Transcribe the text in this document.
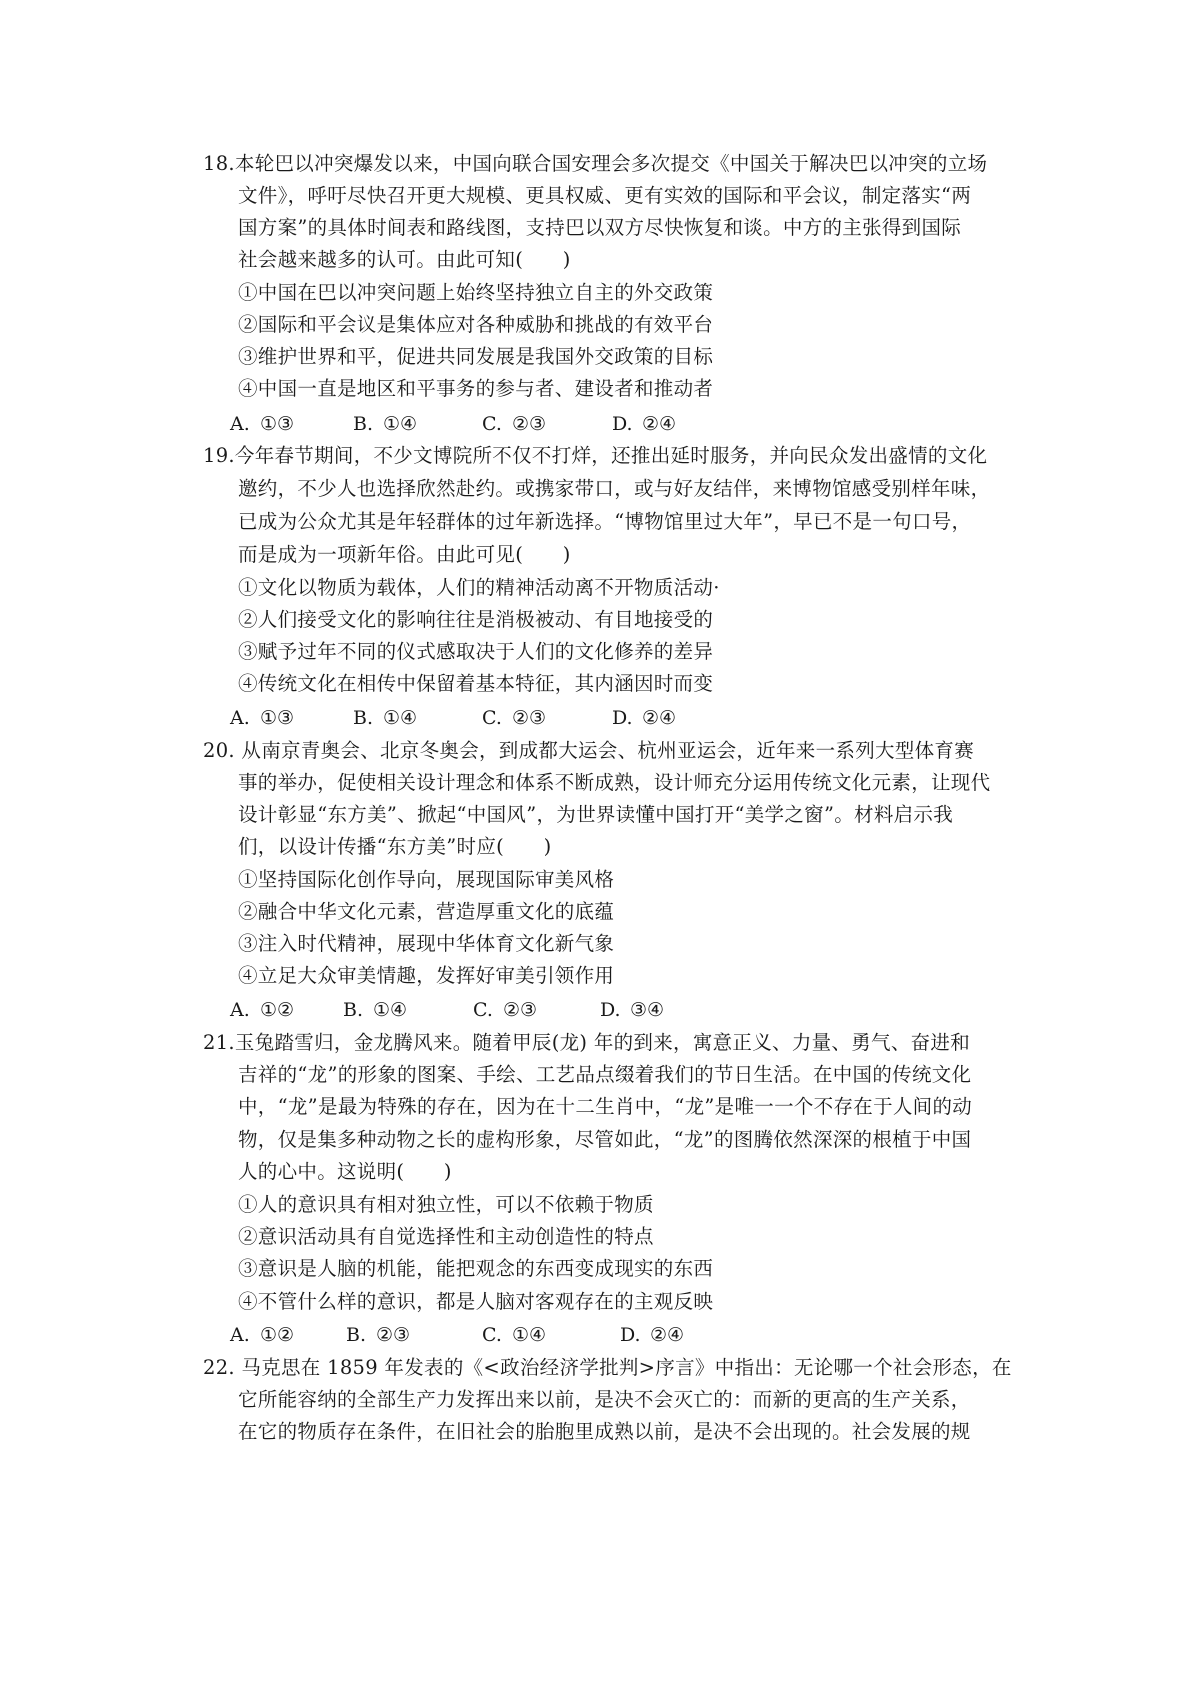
18.本轮巴以冲突爆发以来，中国向联合国安理会多次提交《中国关于解决巴以冲突的立场
文件》，呼吁尽快召开更大规模、更具权威、更有实效的国际和平会议，制定落实“两
国方案”的具体时间表和路线图，支持巴以双方尽快恢复和谈。中方的主张得到国际
社会越来越多的认可。由此可知(　　)
①中国在巴以冲突问题上始终坚持独立自主的外交政策
②国际和平会议是集体应对各种威胁和挑战的有效平台
③维护世界和平，促进共同发展是我国外交政策的目标
④中国一直是地区和平事务的参与者、建设者和推动者
A. ①③	B. ①④	C. ②③	D. ②④
19.今年春节期间，不少文博院所不仅不打烊，还推出延时服务，并向民众发出盛情的文化
邀约，不少人也选择欣然赴约。或携家带口，或与好友结伴，来博物馆感受别样年味，
已成为公众尤其是年轻群体的过年新选择。“博物馆里过大年”，早已不是一句口号，
而是成为一项新年俗。由此可见(　　)
①文化以物质为载体，人们的精神活动离不开物质活动·
②人们接受文化的影响往往是消极被动、有目地接受的
③赋予过年不同的仪式感取决于人们的文化修养的差异
④传统文化在相传中保留着基本特征，其内涵因时而变
A. ①③	B. ①④	C. ②③	D. ②④
20. 从南京青奥会、北京冬奥会，到成都大运会、杭州亚运会，近年来一系列大型体育赛
事的举办，促使相关设计理念和体系不断成熟，设计师充分运用传统文化元素，让现代
设计彰显“东方美”、掀起“中国风”，为世界读懂中国打开“美学之窗”。材料启示我
们，以设计传播“东方美”时应(　　)
①坚持国际化创作导向，展现国际审美风格
②融合中华文化元素，营造厚重文化的底蕴
③注入时代精神，展现中华体育文化新气象
④立足大众审美情趣，发挥好审美引领作用
A. ①②	B. ①④	C. ②③	D. ③④
21.玉兔踏雪归，金龙腾风来。随着甲辰(龙) 年的到来，寓意正义、力量、勇气、奋进和
吉祥的“龙”的形象的图案、手绘、工艺品点缀着我们的节日生活。在中国的传统文化
中，“龙”是最为特殊的存在，因为在十二生肖中，“龙”是唯一一个不存在于人间的动
物，仅是集多种动物之长的虚构形象，尽管如此，“龙”的图腾依然深深的根植于中国
人的心中。这说明(　　)
①人的意识具有相对独立性，可以不依赖于物质
②意识活动具有自觉选择性和主动创造性的特点
③意识是人脑的机能，能把观念的东西变成现实的东西
④不管什么样的意识，都是人脑对客观存在的主观反映
A. ①②	B. ②③	C. ①④	D. ②④
22. 马克思在 1859 年发表的《<政治经济学批判>序言》中指出：无论哪一个社会形态，在
它所能容纳的全部生产力发挥出来以前，是决不会灭亡的：而新的更高的生产关系，
在它的物质存在条件，在旧社会的胎胞里成熟以前，是决不会出现的。社会发展的规
